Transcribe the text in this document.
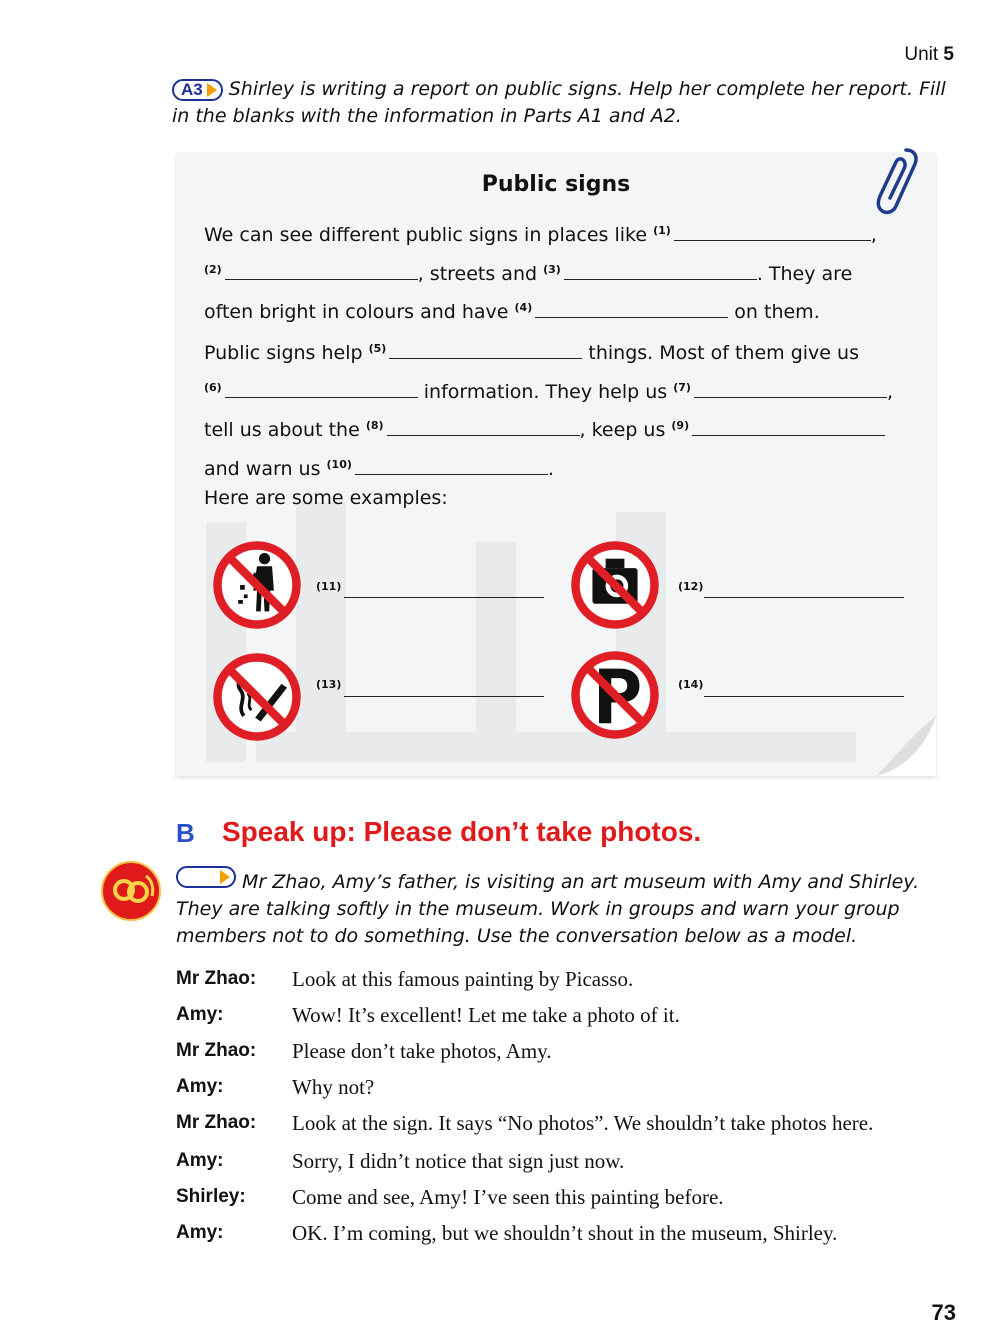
Unit 5
A3 Shirley is writing a report on public signs. Help her complete her report. Fill in the blanks with the information in Parts A1 and A2.
Public signs
We can see different public signs in places like $^{(1)}$	,
$^{(2)}$	, streets and $^{(3)}$	. They are
often bright in colours and have $^{(4)}$	on them.
Public signs help $^{(5)}$	things. Most of them give us
$^{(6)}$	information. They help us $^{(7)}$	,
tell us about the $^{(8)}$	, keep us $^{(9)}$
and warn us $^{(10)}$	.
Here are some examples:
(11)	(12)
(13)	(14)
B Speak up: Please don’t take photos.
Mr Zhao, Amy’s father, is visiting an art museum with Amy and Shirley. They are talking softly in the museum. Work in groups and warn your group members not to do something. Use the conversation below as a model.
Mr Zhao:	Look at this famous painting by Picasso.
Amy:	Wow! It’s excellent! Let me take a photo of it.
Mr Zhao:	Please don’t take photos, Amy.
Amy:	Why not?
Mr Zhao:	Look at the sign. It says “No photos”. We shouldn’t take photos here.
Amy:	Sorry, I didn’t notice that sign just now.
Shirley:	Come and see, Amy! I’ve seen this painting before.
Amy:	OK. I’m coming, but we shouldn’t shout in the museum, Shirley.
73
